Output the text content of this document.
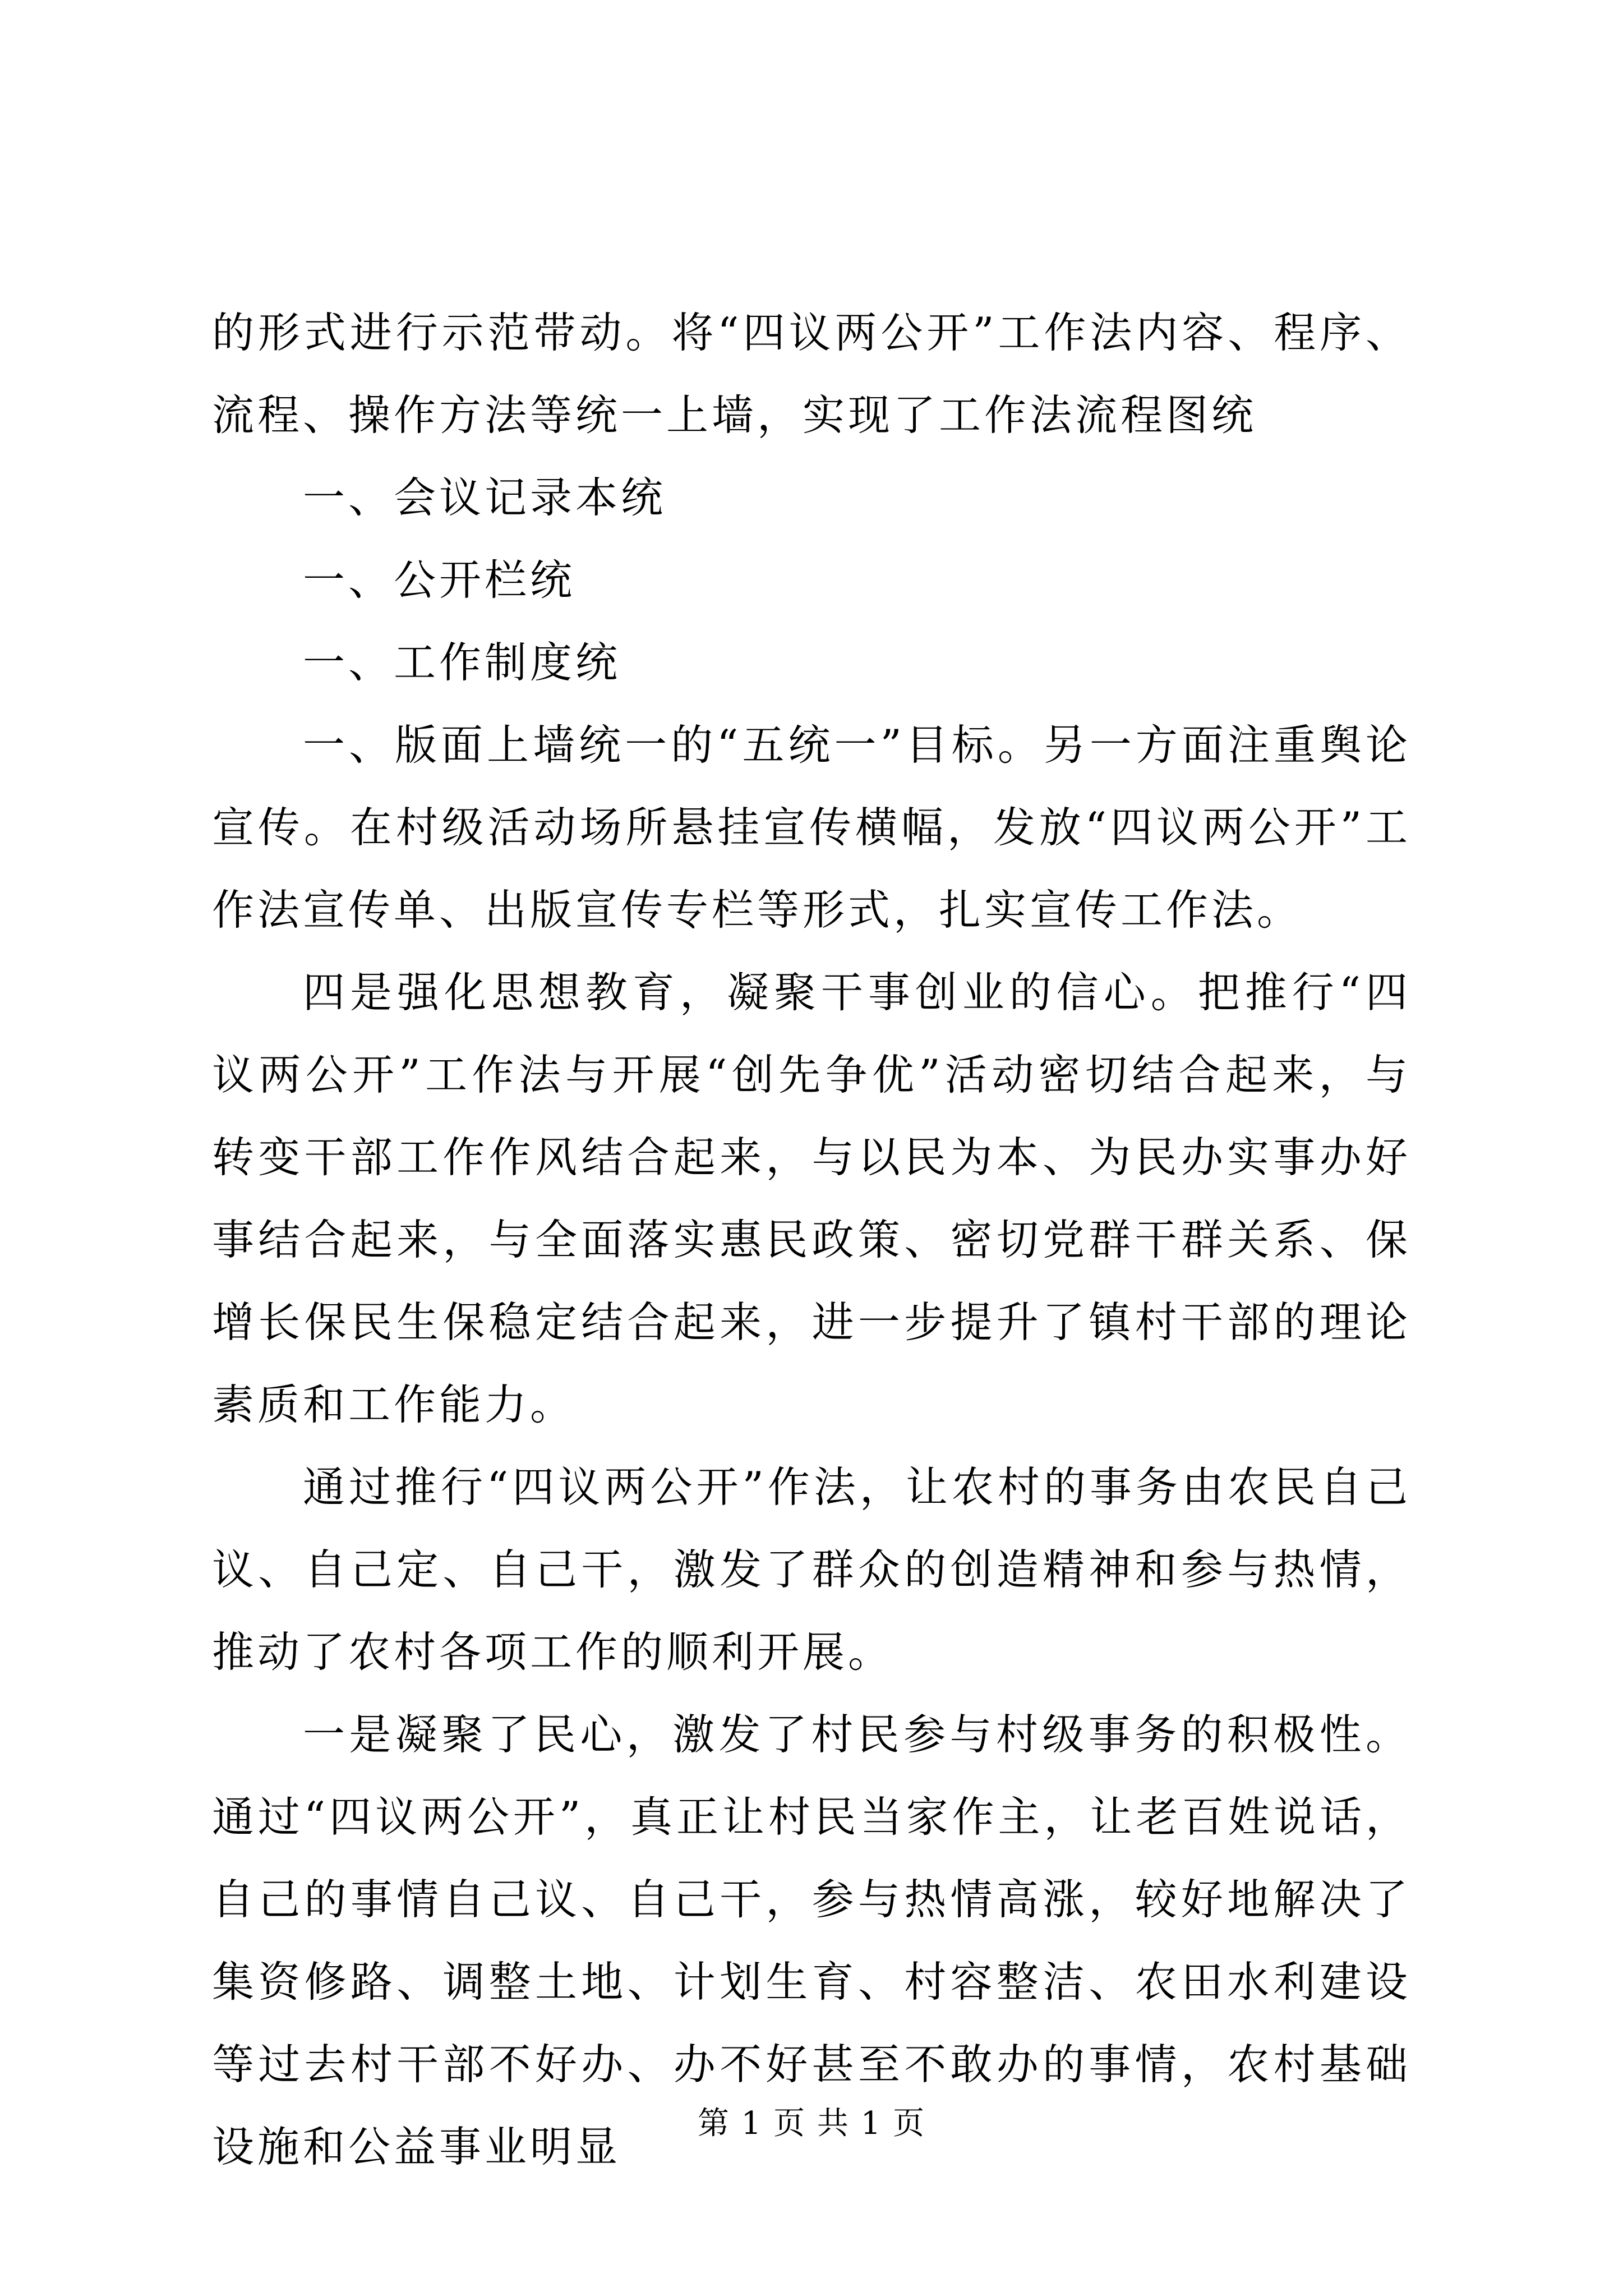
的形式进行示范带动。将“四议两公开”工作法内容、程序、流程、操作方法等统一上墙，实现了工作法流程图统

一、会议记录本统

一、公开栏统

一、工作制度统

一、版面上墙统一的“五统一”目标。另一方面注重舆论宣传。在村级活动场所悬挂宣传横幅，发放“四议两公开”工作法宣传单、出版宣传专栏等形式，扎实宣传工作法。

四是强化思想教育，凝聚干事创业的信心。把推行“四议两公开”工作法与开展“创先争优”活动密切结合起来，与转变干部工作作风结合起来，与以民为本、为民办实事办好事结合起来，与全面落实惠民政策、密切党群干群关系、保增长保民生保稳定结合起来，进一步提升了镇村干部的理论素质和工作能力。

通过推行“四议两公开”作法，让农村的事务由农民自己议、自己定、自己干，激发了群众的创造精神和参与热情，推动了农村各项工作的顺利开展。

一是凝聚了民心，激发了村民参与村级事务的积极性。通过“四议两公开”，真正让村民当家作主，让老百姓说话，自己的事情自己议、自己干，参与热情高涨，较好地解决了集资修路、调整土地、计划生育、村容整洁、农田水利建设等过去村干部不好办、办不好甚至不敢办的事情，农村基础设施和公益事业明显	第 1 页 共 1 页
